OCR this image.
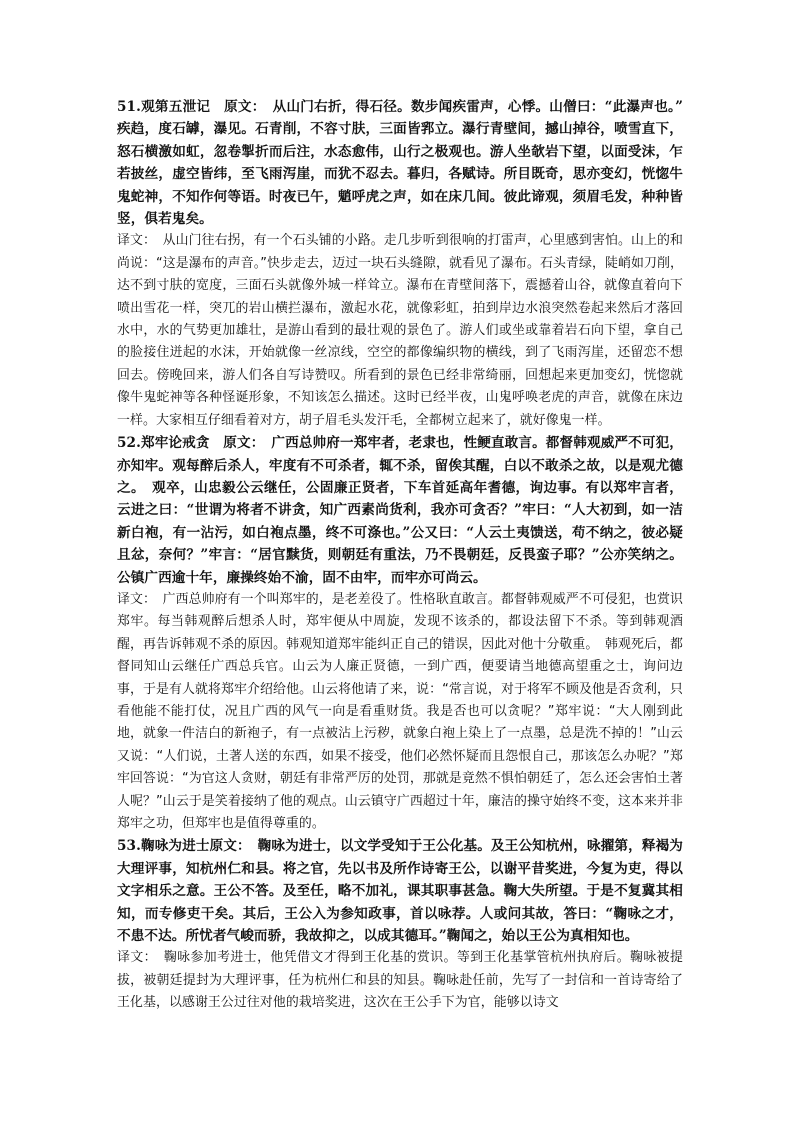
51.观第五泄记　原文：　从山门右折，得石径。数步闻疾雷声，心悸。山僧曰：“此瀑声也。” 疾趋，度石罅，瀑见。石青削，不容寸肤，三面皆郛立。瀑行青壁间，撼山掉谷，喷雪直下，怒石横激如虹，忽卷掣折而后注，水态愈伟，山行之极观也。游人坐欹岩下望，以面受沫，乍若披丝，虚空皆纬，至飞雨泻崖，而犹不忍去。暮归，各赋诗。所目既奇，思亦变幻，恍惚牛鬼蛇神，不知作何等语。时夜已午，魈呼虎之声，如在床几间。彼此谛观，须眉毛发，种种皆竖，俱若鬼矣。

译文：　从山门往右拐，有一个石头铺的小路。走几步听到很响的打雷声，心里感到害怕。山上的和尚说：“这是瀑布的声音。”快步走去，迈过一块石头缝隙，就看见了瀑布。石头青绿，陡峭如刀削，达不到寸肤的宽度，三面石头就像外城一样耸立。瀑布在青壁间落下，震撼着山谷，就像直着向下喷出雪花一样，突兀的岩山横拦瀑布，激起水花，就像彩虹，拍到岸边水浪突然卷起来然后才落回水中，水的气势更加雄壮，是游山看到的最壮观的景色了。游人们或坐或靠着岩石向下望，拿自己的脸接住迸起的水沫，开始就像一丝凉线，空空的都像编织物的横线，到了飞雨泻崖，还留恋不想回去。傍晚回来，游人们各自写诗赞叹。所看到的景色已经非常绮丽，回想起来更加变幻，恍惚就像牛鬼蛇神等各种怪诞形象，不知该怎么描述。这时已经半夜，山鬼呼唤老虎的声音，就像在床边一样。大家相互仔细看着对方，胡子眉毛头发汗毛，全都树立起来了，就好像鬼一样。

52.郑牢论戒贪　原文：　广西总帅府一郑牢者，老隶也，性鲠直敢言。都督韩观威严不可犯，亦知牢。观每醉后杀人，牢度有不可杀者，辄不杀，留俟其醒，白以不敢杀之故，以是观尤德之。　观卒，山忠毅公云继任，公固廉正贤者，下车首延高年耆德，询边事。有以郑牢言者，云进之曰：“世谓为将者不讲贪，知广西素尚货利，我亦可贪否？”牢曰：“人大初到，如一洁新白袍，有一沾污，如白袍点墨，终不可涤也。”公又曰：“人云土夷馈送，苟不纳之，彼必疑且忿，奈何？”牢言：“居官黩货，则朝廷有重法，乃不畏朝廷，反畏蛮子耶？”公亦笑纳之。公镇广西逾十年，廉操终始不渝，固不由牢，而牢亦可尚云。

译文：　广西总帅府有一个叫郑牢的，是老差役了。性格耿直敢言。都督韩观威严不可侵犯，也赏识郑牢。每当韩观醉后想杀人时，郑牢便从中周旋，发现不该杀的，都设法留下不杀。等到韩观酒醒，再告诉韩观不杀的原因。韩观知道郑牢能纠正自己的错误，因此对他十分敬重。　韩观死后，都督同知山云继任广西总兵官。山云为人廉正贤德，一到广西，便要请当地德高望重之士，询问边事，于是有人就将郑牢介绍给他。山云将他请了来，说：“常言说，对于将军不顾及他是否贪利，只看他能不能打仗，况且广西的风气一向是看重财货。我是否也可以贪呢？”郑牢说：“大人刚到此地，就象一件洁白的新袍子，有一点被沾上污秽，就象白袍上染上了一点墨，总是洗不掉的！”山云又说：“人们说，土著人送的东西，如果不接受，他们必然怀疑而且怨恨自己，那该怎么办呢？”郑牢回答说：“为官这人贪财，朝廷有非常严厉的处罚，那就是竟然不惧怕朝廷了，怎么还会害怕土著人呢？”山云于是笑着接纳了他的观点。山云镇守广西超过十年，廉洁的操守始终不变，这本来并非郑牢之功，但郑牢也是值得尊重的。

53.鞠咏为进士原文：　鞠咏为进士，以文学受知于王公化基。及王公知杭州，咏擢第，释褐为大理评事，知杭州仁和县。将之官，先以书及所作诗寄王公，以谢平昔奖进，今复为吏，得以文字相乐之意。王公不答。及至任，略不加礼，课其职事甚急。鞠大失所望。于是不复冀其相知，而专修吏干矣。其后，王公入为参知政事，首以咏荐。人或问其故，答曰：“鞠咏之才，不患不达。所忧者气峻而骄，我故抑之，以成其德耳。”鞠闻之，始以王公为真相知也。

译文：　鞠咏参加考进士，他凭借文才得到王化基的赏识。等到王化基掌管杭州执府后。鞠咏被提拔，被朝廷提封为大理评事，任为杭州仁和县的知县。鞠咏赴任前，先写了一封信和一首诗寄给了王化基，以感谢王公过往对他的栽培奖进，这次在王公手下为官，能够以诗文
